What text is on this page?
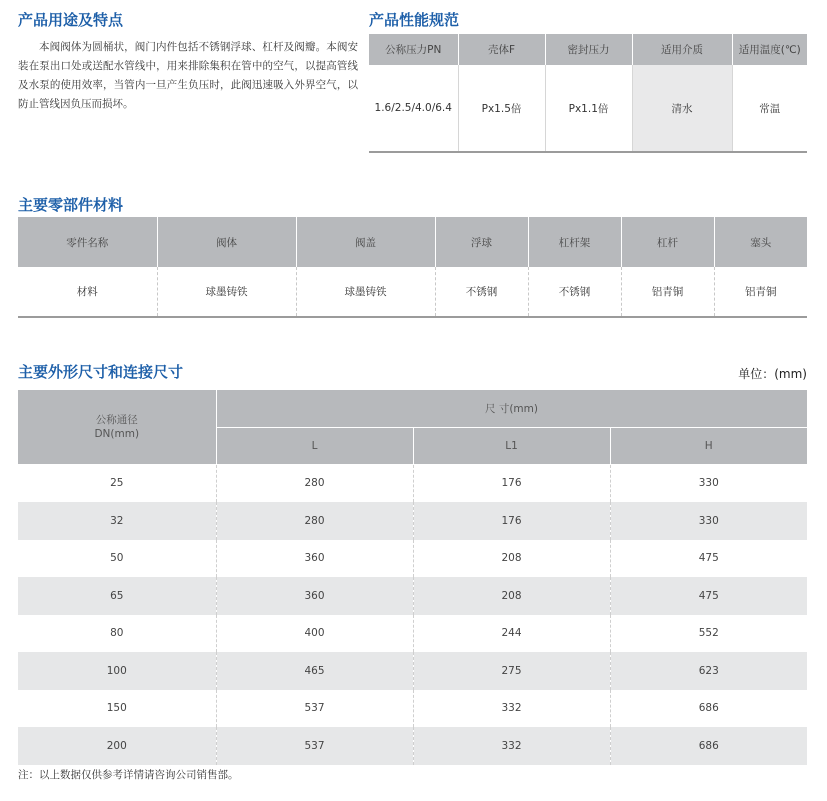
产品用途及特点

本阀阀体为圆桶状，阀门内件包括不锈钢浮球、杠杆及阀瓣。本阀安装在泵出口处或送配水管线中，用来排除集积在管中的空气，以提高管线及水泵的使用效率，当管内一旦产生负压时，此阀迅速吸入外界空气，以防止管线因负压而损坏。

产品性能规范
公称压力PN	壳体F	密封压力	适用介质	适用温度(℃)
1.6/2.5/4.0/6.4	Px1.5倍	Px1.1倍	清水	常温
主要零部件材料
零件名称	阀体	阀盖	浮球	杠杆架	杠杆	塞头
材料	球墨铸铁	球墨铸铁	不锈钢	不锈钢	铝青铜	铝青铜
主要外形尺寸和连接尺寸	单位：(mm)
公称通径 DN(mm)	尺 寸(mm)		
	L	L1	H
25	280	176	330
32	280	176	330
50	360	208	475
65	360	208	475
80	400	244	552
100	465	275	623
150	537	332	686
200	537	332	686
注：以上数据仅供参考详情请咨询公司销售部。
